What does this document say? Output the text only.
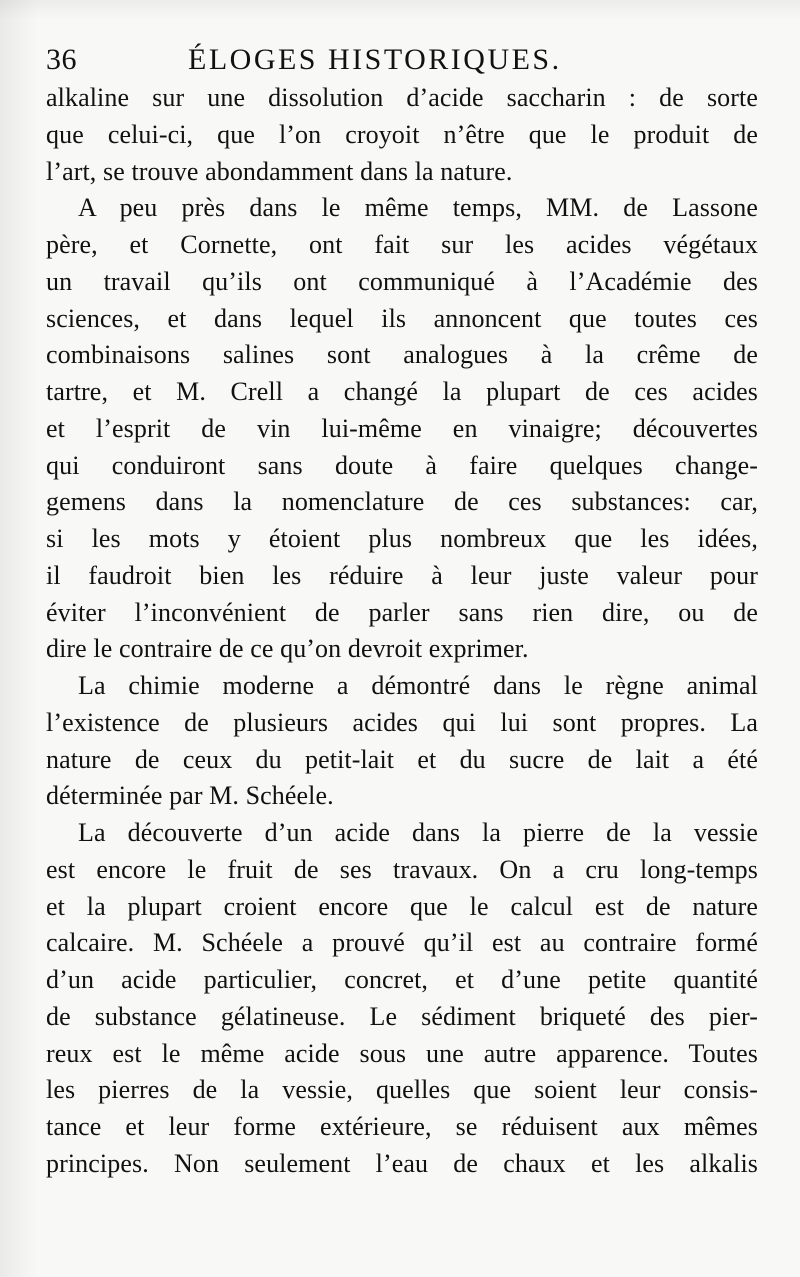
36	ÉLOGES HISTORIQUES.
alkaline sur une dissolution d’acide saccharin : de sorte
que celui-ci, que l’on croyoit n’être que le produit de
l’art, se trouve abondamment dans la nature.
A peu près dans le même temps, MM. de Lassone
père, et Cornette, ont fait sur les acides végétaux
un travail qu’ils ont communiqué à l’Académie des
sciences, et dans lequel ils annoncent que toutes ces
combinaisons salines sont analogues à la crême de
tartre, et M. Crell a changé la plupart de ces acides
et l’esprit de vin lui-même en vinaigre; découvertes
qui conduiront sans doute à faire quelques change-
gemens dans la nomenclature de ces substances: car,
si les mots y étoient plus nombreux que les idées,
il faudroit bien les réduire à leur juste valeur pour
éviter l’inconvénient de parler sans rien dire, ou de
dire le contraire de ce qu’on devroit exprimer.
La chimie moderne a démontré dans le règne animal
l’existence de plusieurs acides qui lui sont propres. La
nature de ceux du petit-lait et du sucre de lait a été
déterminée par M. Schéele.
La découverte d’un acide dans la pierre de la vessie
est encore le fruit de ses travaux. On a cru long-temps
et la plupart croient encore que le calcul est de nature
calcaire. M. Schéele a prouvé qu’il est au contraire formé
d’un acide particulier, concret, et d’une petite quantité
de substance gélatineuse. Le sédiment briqueté des pier-
reux est le même acide sous une autre apparence. Toutes
les pierres de la vessie, quelles que soient leur consis-
tance et leur forme extérieure, se réduisent aux mêmes
principes. Non seulement l’eau de chaux et les alkalis
